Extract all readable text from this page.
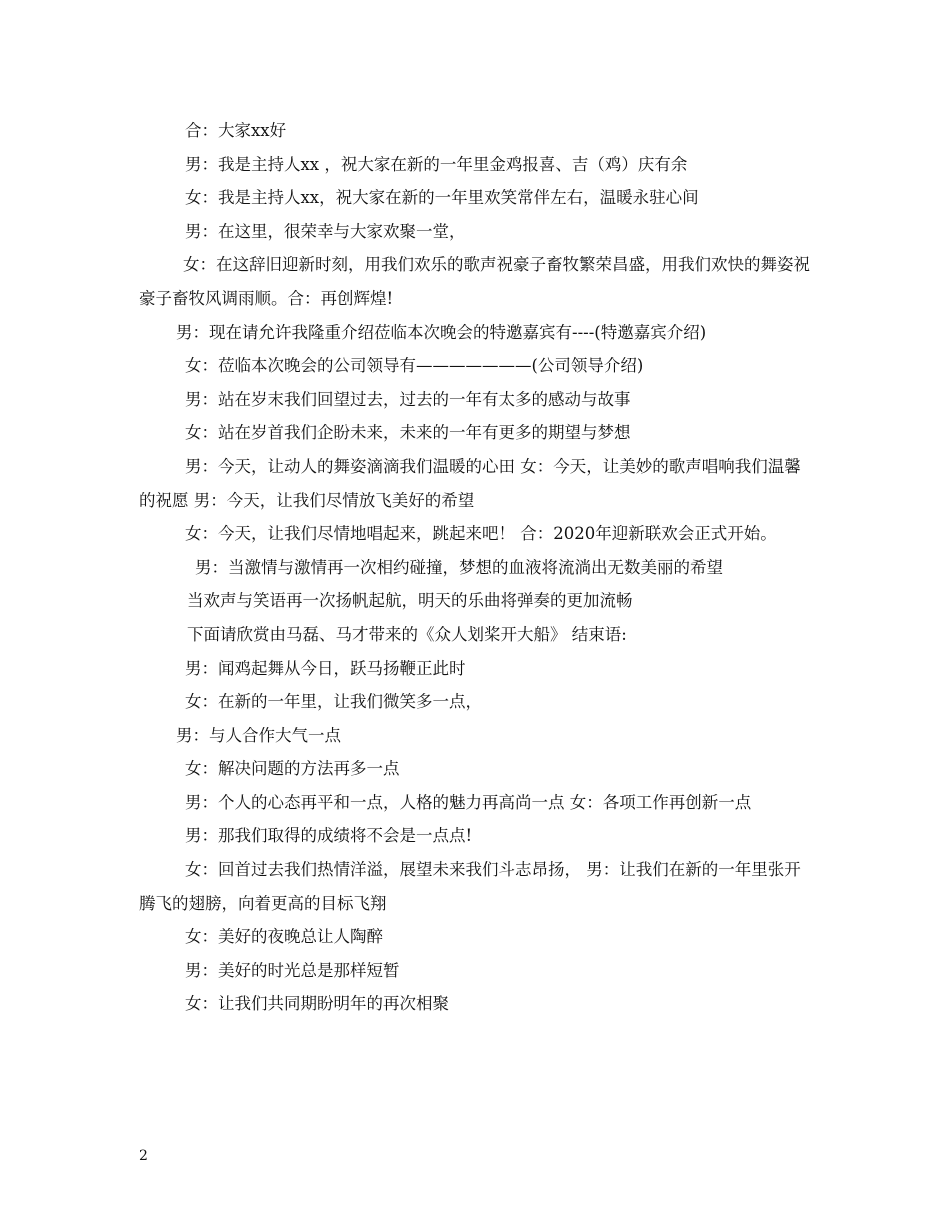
合：大家xx好

男：我是主持人xx ，祝大家在新的一年里金鸡报喜、吉（鸡）庆有余

女：我是主持人xx，祝大家在新的一年里欢笑常伴左右，温暖永驻心间

男：在这里，很荣幸与大家欢聚一堂，

女：在这辞旧迎新时刻，用我们欢乐的歌声祝豪子畜牧繁荣昌盛，用我们欢快的舞姿祝豪子畜牧风调雨顺。合：再创辉煌!

男：现在请允许我隆重介绍莅临本次晚会的特邀嘉宾有----(特邀嘉宾介绍)

女：莅临本次晚会的公司领导有———————(公司领导介绍)

男：站在岁末我们回望过去，过去的一年有太多的感动与故事

女：站在岁首我们企盼未来，未来的一年有更多的期望与梦想

男：今天，让动人的舞姿滴滴我们温暖的心田 女：今天，让美妙的歌声唱响我们温馨的祝愿 男：今天，让我们尽情放飞美好的希望

女：今天，让我们尽情地唱起来，跳起来吧！ 合：2020年迎新联欢会正式开始。

男：当激情与激情再一次相约碰撞，梦想的血液将流淌出无数美丽的希望

当欢声与笑语再一次扬帆起航，明天的乐曲将弹奏的更加流畅

下面请欣赏由马磊、马才带来的《众人划桨开大船》 结束语:

男：闻鸡起舞从今日，跃马扬鞭正此时

女：在新的一年里，让我们微笑多一点，

男：与人合作大气一点

女：解决问题的方法再多一点

男：个人的心态再平和一点，人格的魅力再高尚一点 女：各项工作再创新一点

男：那我们取得的成绩将不会是一点点!

女：回首过去我们热情洋溢，展望未来我们斗志昂扬， 男：让我们在新的一年里张开腾飞的翅膀，向着更高的目标飞翔

女：美好的夜晚总让人陶醉

男：美好的时光总是那样短暂

女：让我们共同期盼明年的再次相聚

2
